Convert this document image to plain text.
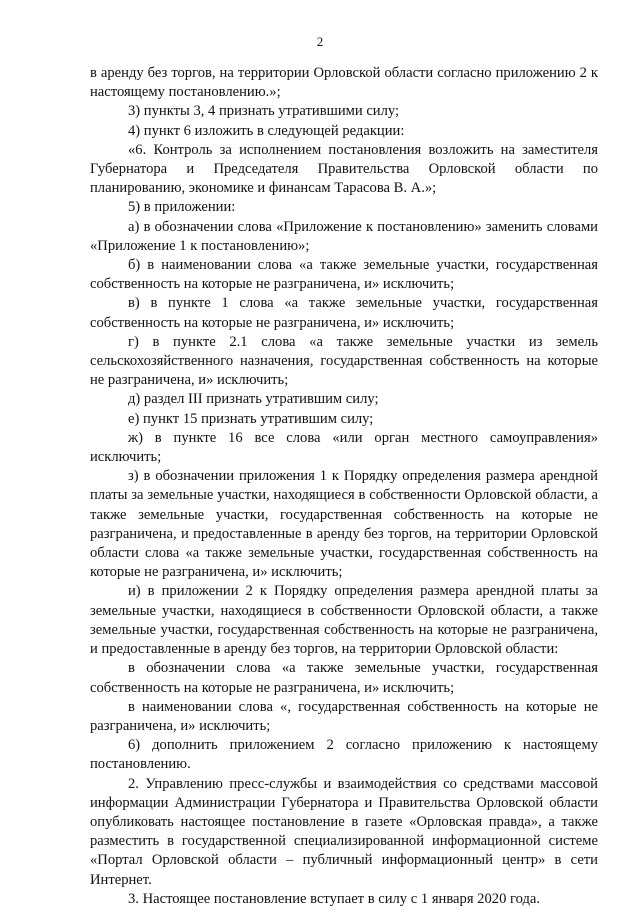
2

в аренду без торгов, на территории Орловской области согласно приложению 2 к настоящему постановлению.»;

3) пункты 3, 4 признать утратившими силу;

4) пункт 6 изложить в следующей редакции:

«6. Контроль за исполнением постановления возложить на заместителя Губернатора и Председателя Правительства Орловской области по планированию, экономике и финансам Тарасова В. А.»;

5) в приложении:

а) в обозначении слова «Приложение к постановлению» заменить словами «Приложение 1 к постановлению»;

б) в наименовании слова «а также земельные участки, государственная собственность на которые не разграничена, и» исключить;

в) в пункте 1 слова «а также земельные участки, государственная собственность на которые не разграничена, и» исключить;

г) в пункте 2.1 слова «а также земельные участки из земель сельскохозяйственного назначения, государственная собственность на которые не разграничена, и» исключить;

д) раздел III признать утратившим силу;

е) пункт 15 признать утратившим силу;

ж) в пункте 16 все слова «или орган местного самоуправления» исключить;

з) в обозначении приложения 1 к Порядку определения размера арендной платы за земельные участки, находящиеся в собственности Орловской области, а также земельные участки, государственная собственность на которые не разграничена, и предоставленные в аренду без торгов, на территории Орловской области слова «а также земельные участки, государственная собственность на которые не разграничена, и» исключить;

и) в приложении 2 к Порядку определения размера арендной платы за земельные участки, находящиеся в собственности Орловской области, а также земельные участки, государственная собственность на которые не разграничена, и предоставленные в аренду без торгов, на территории Орловской области:

в обозначении слова «а также земельные участки, государственная собственность на которые не разграничена, и» исключить;

в наименовании слова «, государственная собственность на которые не разграничена, и» исключить;

6) дополнить приложением 2 согласно приложению к настоящему постановлению.

2. Управлению пресс-службы и взаимодействия со средствами массовой информации Администрации Губернатора и Правительства Орловской области опубликовать настоящее постановление в газете «Орловская правда», а также разместить в государственной специализированной информационной системе «Портал Орловской области – публичный информационный центр» в сети Интернет.

3. Настоящее постановление вступает в силу с 1 января 2020 года.
